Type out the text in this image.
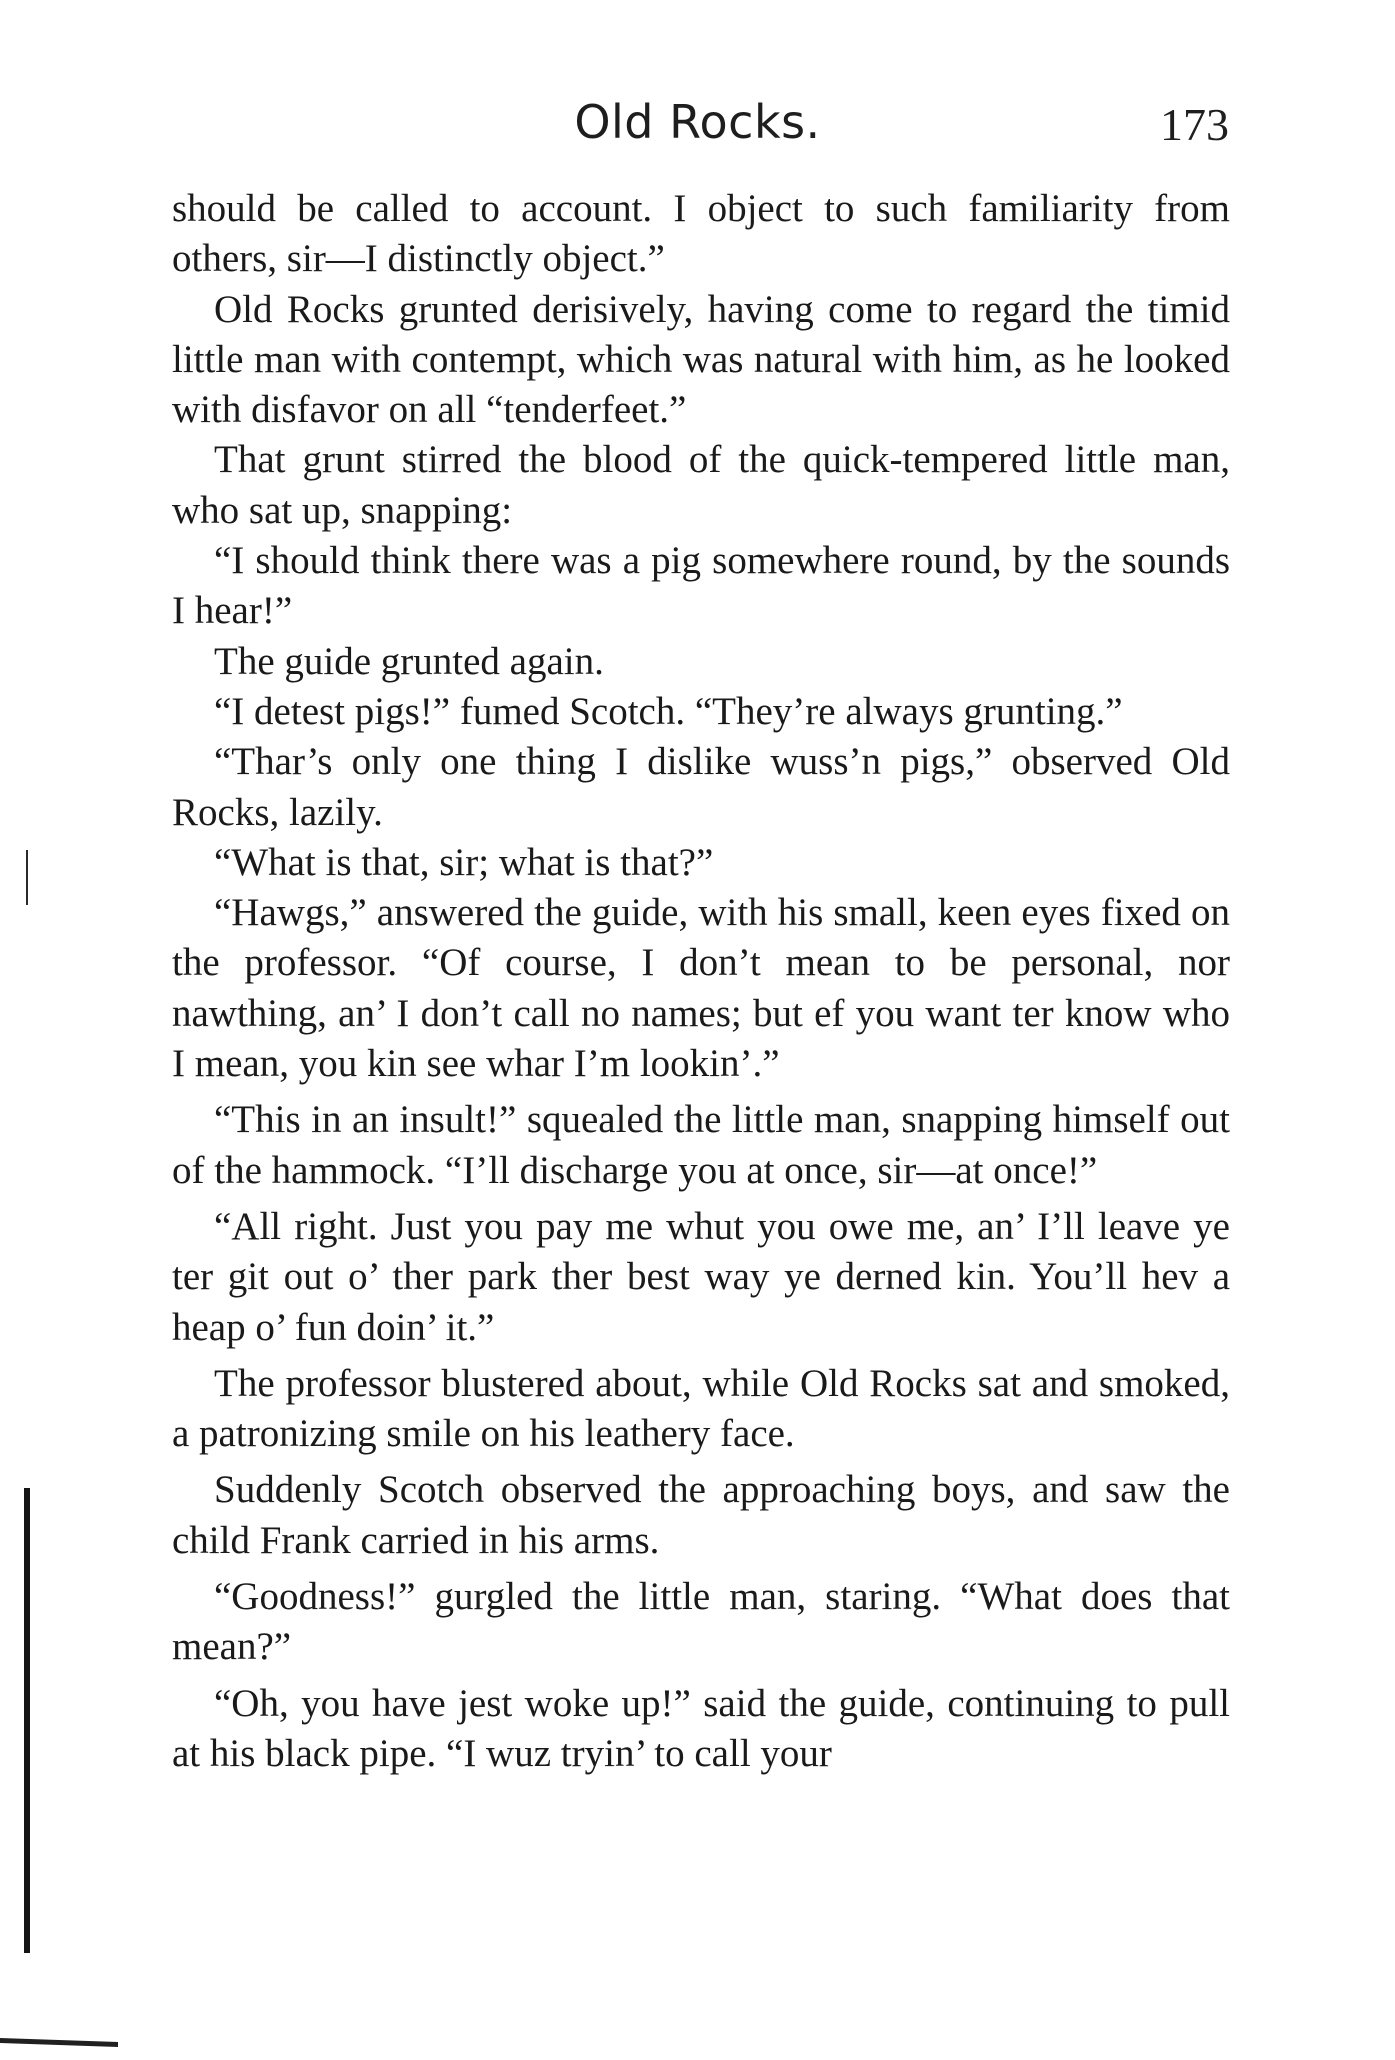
Old Rocks.	173

should be called to account. I object to such familiarity from others, sir—I distinctly object.”

Old Rocks grunted derisively, having come to regard the timid little man with contempt, which was natural with him, as he looked with disfavor on all “tenderfeet.”

That grunt stirred the blood of the quick-tempered little man, who sat up, snapping:

“I should think there was a pig somewhere round, by the sounds I hear!”

The guide grunted again.

“I detest pigs!” fumed Scotch. “They’re always grunting.”

“Thar’s only one thing I dislike wuss’n pigs,” observed Old Rocks, lazily.

“What is that, sir; what is that?”

“Hawgs,” answered the guide, with his small, keen eyes fixed on the professor. “Of course, I don’t mean to be personal, nor nawthing, an’ I don’t call no names; but ef you want ter know who I mean, you kin see whar I’m lookin’.”

“This in an insult!” squealed the little man, snapping himself out of the hammock. “I’ll discharge you at once, sir—at once!”

“All right. Just you pay me whut you owe me, an’ I’ll leave ye ter git out o’ ther park ther best way ye derned kin. You’ll hev a heap o’ fun doin’ it.”

The professor blustered about, while Old Rocks sat and smoked, a patronizing smile on his leathery face.

Suddenly Scotch observed the approaching boys, and saw the child Frank carried in his arms.

“Goodness!” gurgled the little man, staring. “What does that mean?”

“Oh, you have jest woke up!” said the guide, continuing to pull at his black pipe. “I wuz tryin’ to call your
